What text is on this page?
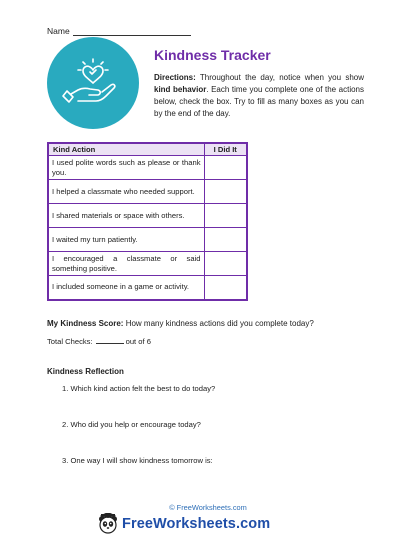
Name
Kindness Tracker
Directions: Throughout the day, notice when you show kind behavior. Each time you complete one of the actions below, check the box. Try to fill as many boxes as you can by the end of the day.
Kind Action	I Did It
I used polite words such as please or thank you.	
I helped a classmate who needed support.	
I shared materials or space with others.	
I waited my turn patiently.	
I encouraged a classmate or said something positive.	
I included someone in a game or activity.	
My Kindness Score: How many kindness actions did you complete today?
Total Checks:	out of 6
Kindness Reflection
1. Which kind action felt the best to do today?
2. Who did you help or encourage today?
3. One way I will show kindness tomorrow is:
© FreeWorksheets.com
FreeWorksheets.com
